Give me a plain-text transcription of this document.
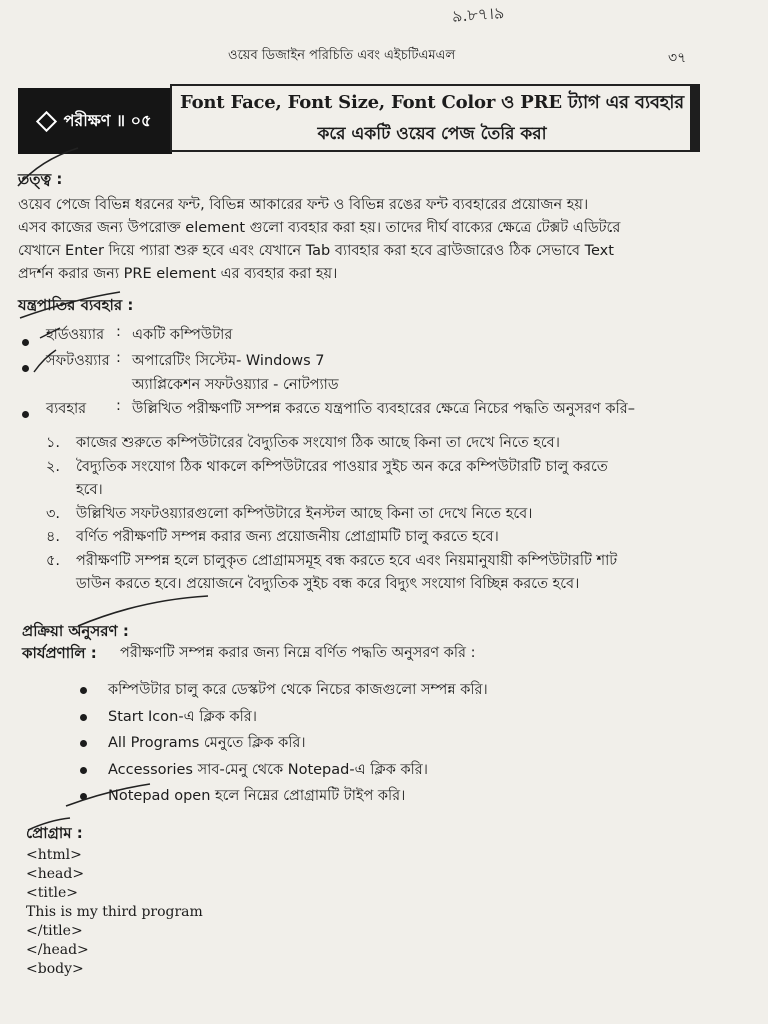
৯.৮৭।৯
ওয়েব ডিজাইন পরিচিতি এবং এইচটিএমএল	৩৭
পরীক্ষণ ॥ ০৫
Font Face, Font Size, Font Color ও PRE ট্যাগ এর ব্যবহার
করে একটি ওয়েব পেজ তৈরি করা
তত্ত্ব :
ওয়েব পেজে বিভিন্ন ধরনের ফন্ট, বিভিন্ন আকারের ফন্ট ও বিভিন্ন রঙের ফন্ট ব্যবহারের প্রয়োজন হয়।
এসব কাজের জন্য উপরোক্ত element গুলো ব্যবহার করা হয়। তাদের দীর্ঘ বাক্যের ক্ষেত্রে টেক্সট এডিটরে
যেখানে Enter দিয়ে প্যারা শুরু হবে এবং যেখানে Tab ব্যাবহার করা হবে ব্রাউজারেও ঠিক সেভাবে Text
প্রদর্শন করার জন্য PRE element এর ব্যবহার করা হয়।
যন্ত্রপাতির ব্যবহার :
হার্ডওয়্যার : একটি কম্পিউটার
সফটওয়্যার : অপারেটিং সিস্টেম- Windows 7
অ্যাপ্লিকেশন সফটওয়্যার - নোটপ্যাড
ব্যবহার : উল্লিখিত পরীক্ষণটি সম্পন্ন করতে যন্ত্রপাতি ব্যবহারের ক্ষেত্রে নিচের পদ্ধতি অনুসরণ করি–
১. কাজের শুরুতে কম্পিউটারের বৈদ্যুতিক সংযোগ ঠিক আছে কিনা তা দেখে নিতে হবে।
২. বৈদ্যুতিক সংযোগ ঠিক থাকলে কম্পিউটারের পাওয়ার সুইচ অন করে কম্পিউটারটি চালু করতে
হবে।
৩. উল্লিখিত সফটওয়্যারগুলো কম্পিউটারে ইনস্টল আছে কিনা তা দেখে নিতে হবে।
৪. বর্ণিত পরীক্ষণটি সম্পন্ন করার জন্য প্রয়োজনীয় প্রোগ্রামটি চালু করতে হবে।
৫. পরীক্ষণটি সম্পন্ন হলে চালুকৃত প্রোগ্রামসমূহ বন্ধ করতে হবে এবং নিয়মানুযায়ী কম্পিউটারটি শাট
ডাউন করতে হবে। প্রয়োজনে বৈদ্যুতিক সুইচ বন্ধ করে বিদ্যুৎ সংযোগ বিচ্ছিন্ন করতে হবে।
প্রক্রিয়া অনুসরণ :
কার্যপ্রণালি : পরীক্ষণটি সম্পন্ন করার জন্য নিম্নে বর্ণিত পদ্ধতি অনুসরণ করি :
কম্পিউটার চালু করে ডেস্কটপ থেকে নিচের কাজগুলো সম্পন্ন করি।
Start Icon-এ ক্লিক করি।
All Programs মেনুতে ক্লিক করি।
Accessories সাব-মেনু থেকে Notepad-এ ক্লিক করি।
Notepad open হলে নিম্নের প্রোগ্রামটি টাইপ করি।
প্রোগ্রাম :
<html>
<head>
<title>
This is my third program
</title>
</head>
<body>
